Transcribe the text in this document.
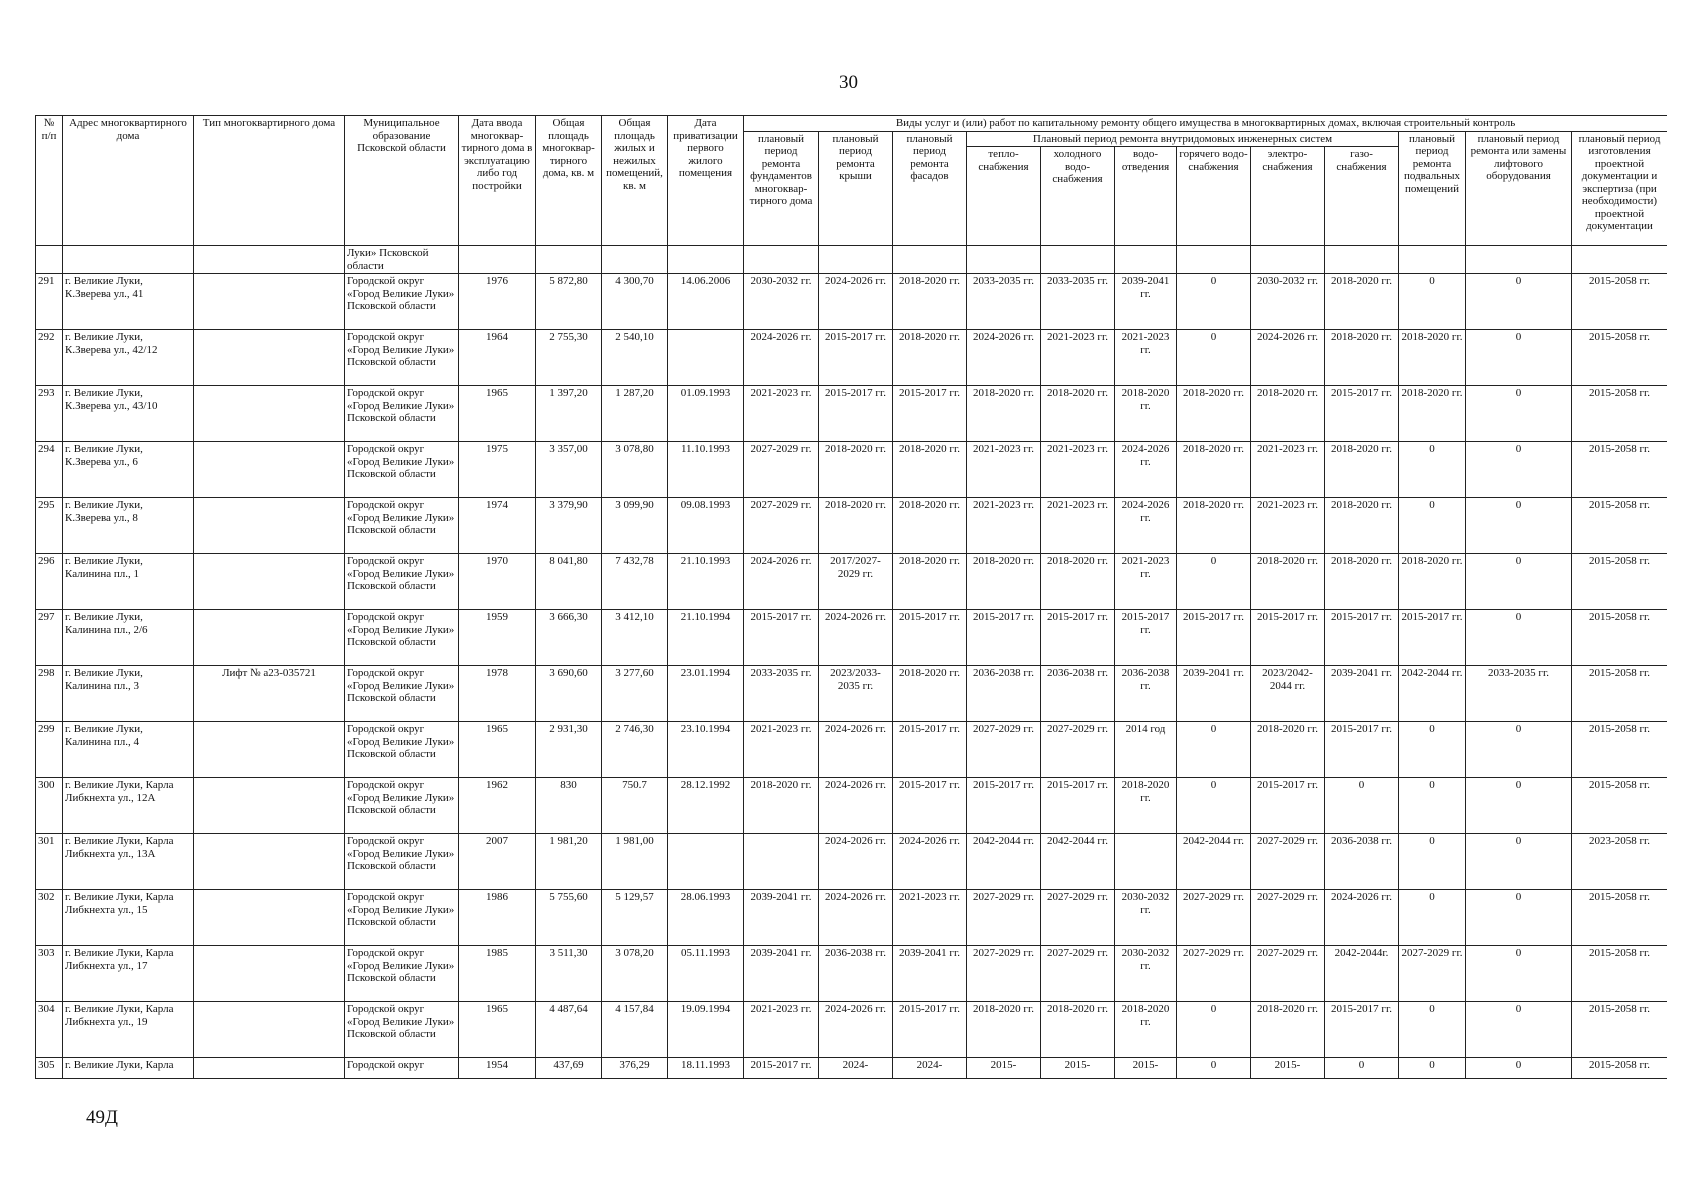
30
№ п/п	Адрес многоквартирного дома	Тип многоквартирного дома	Муниципальное образование Псковской области	Дата ввода многоквар-тирного дома в эксплуатацию либо год постройки	Общая площадь многоквар-тирного дома, кв. м	Общая площадь жилых и нежилых помещений, кв. м	Дата приватизации первого жилого помещения	Виды услуг и (или) работ по капитальному ремонту общего имущества в многоквартирных домах, включая строительный контроль											
								плановый период ремонта фундаментов многоквар-тирного дома	плановый период ремонта крыши	плановый период ремонта фасадов	Плановый период ремонта внутридомовых инженерных систем						плановый период ремонта подвальных помещений	плановый период ремонта или замены лифтового оборудования	плановый период изготовления проектной документации и экспертиза (при необходимости) проектной документации
											тепло-снабжения	холодного водо-снабжения	водо-отведения	горячего водо-снабжения	электро-снабжения	газо-снабжения			
			Луки» Псковской области																
291	г. Великие Луки, К.Зверева ул., 41		Городской округ «Город Великие Луки» Псковской области	1976	5 872,80	4 300,70	14.06.2006	2030-2032 гг.	2024-2026 гг.	2018-2020 гг.	2033-2035 гг.	2033-2035 гг.	2039-2041 гг.	0	2030-2032 гг.	2018-2020 гг.	0	0	2015-2058 гг.
292	г. Великие Луки, К.Зверева ул., 42/12		Городской округ «Город Великие Луки» Псковской области	1964	2 755,30	2 540,10		2024-2026 гг.	2015-2017 гг.	2018-2020 гг.	2024-2026 гг.	2021-2023 гг.	2021-2023 гг.	0	2024-2026 гг.	2018-2020 гг.	2018-2020 гг.	0	2015-2058 гг.
293	г. Великие Луки, К.Зверева ул., 43/10		Городской округ «Город Великие Луки» Псковской области	1965	1 397,20	1 287,20	01.09.1993	2021-2023 гг.	2015-2017 гг.	2015-2017 гг.	2018-2020 гг.	2018-2020 гг.	2018-2020 гг.	2018-2020 гг.	2018-2020 гг.	2015-2017 гг.	2018-2020 гг.	0	2015-2058 гг.
294	г. Великие Луки, К.Зверева ул., 6		Городской округ «Город Великие Луки» Псковской области	1975	3 357,00	3 078,80	11.10.1993	2027-2029 гг.	2018-2020 гг.	2018-2020 гг.	2021-2023 гг.	2021-2023 гг.	2024-2026 гг.	2018-2020 гг.	2021-2023 гг.	2018-2020 гг.	0	0	2015-2058 гг.
295	г. Великие Луки, К.Зверева ул., 8		Городской округ «Город Великие Луки» Псковской области	1974	3 379,90	3 099,90	09.08.1993	2027-2029 гг.	2018-2020 гг.	2018-2020 гг.	2021-2023 гг.	2021-2023 гг.	2024-2026 гг.	2018-2020 гг.	2021-2023 гг.	2018-2020 гг.	0	0	2015-2058 гг.
296	г. Великие Луки, Калинина пл., 1		Городской округ «Город Великие Луки» Псковской области	1970	8 041,80	7 432,78	21.10.1993	2024-2026 гг.	2017/2027-2029 гг.	2018-2020 гг.	2018-2020 гг.	2018-2020 гг.	2021-2023 гг.	0	2018-2020 гг.	2018-2020 гг.	2018-2020 гг.	0	2015-2058 гг.
297	г. Великие Луки, Калинина пл., 2/6		Городской округ «Город Великие Луки» Псковской области	1959	3 666,30	3 412,10	21.10.1994	2015-2017 гг.	2024-2026 гг.	2015-2017 гг.	2015-2017 гг.	2015-2017 гг.	2015-2017 гг.	2015-2017 гг.	2015-2017 гг.	2015-2017 гг.	2015-2017 гг.	0	2015-2058 гг.
298	г. Великие Луки, Калинина пл., 3	Лифт № а23-035721	Городской округ «Город Великие Луки» Псковской области	1978	3 690,60	3 277,60	23.01.1994	2033-2035 гг.	2023/2033-2035 гг.	2018-2020 гг.	2036-2038 гг.	2036-2038 гг.	2036-2038 гг.	2039-2041 гг.	2023/2042-2044 гг.	2039-2041 гг.	2042-2044 гг.	2033-2035 гг.	2015-2058 гг.
299	г. Великие Луки, Калинина пл., 4		Городской округ «Город Великие Луки» Псковской области	1965	2 931,30	2 746,30	23.10.1994	2021-2023 гг.	2024-2026 гг.	2015-2017 гг.	2027-2029 гг.	2027-2029 гг.	2014 год	0	2018-2020 гг.	2015-2017 гг.	0	0	2015-2058 гг.
300	г. Великие Луки, Карла Либкнехта ул., 12А		Городской округ «Город Великие Луки» Псковской области	1962	830	750.7	28.12.1992	2018-2020 гг.	2024-2026 гг.	2015-2017 гг.	2015-2017 гг.	2015-2017 гг.	2018-2020 гг.	0	2015-2017 гг.	0	0	0	2015-2058 гг.
301	г. Великие Луки, Карла Либкнехта ул., 13А		Городской округ «Город Великие Луки» Псковской области	2007	1 981,20	1 981,00			2024-2026 гг.	2024-2026 гг.	2042-2044 гг.	2042-2044 гг.		2042-2044 гг.	2027-2029 гг.	2036-2038 гг.	0	0	2023-2058 гг.
302	г. Великие Луки, Карла Либкнехта ул., 15		Городской округ «Город Великие Луки» Псковской области	1986	5 755,60	5 129,57	28.06.1993	2039-2041 гг.	2024-2026 гг.	2021-2023 гг.	2027-2029 гг.	2027-2029 гг.	2030-2032 гг.	2027-2029 гг.	2027-2029 гг.	2024-2026 гг.	0	0	2015-2058 гг.
303	г. Великие Луки, Карла Либкнехта ул., 17		Городской округ «Город Великие Луки» Псковской области	1985	3 511,30	3 078,20	05.11.1993	2039-2041 гг.	2036-2038 гг.	2039-2041 гг.	2027-2029 гг.	2027-2029 гг.	2030-2032 гг.	2027-2029 гг.	2027-2029 гг.	2042-2044г.	2027-2029 гг.	0	2015-2058 гг.
304	г. Великие Луки, Карла Либкнехта ул., 19		Городской округ «Город Великие Луки» Псковской области	1965	4 487,64	4 157,84	19.09.1994	2021-2023 гг.	2024-2026 гг.	2015-2017 гг.	2018-2020 гг.	2018-2020 гг.	2018-2020 гг.	0	2018-2020 гг.	2015-2017 гг.	0	0	2015-2058 гг.
305	г. Великие Луки, Карла		Городской округ	1954	437,69	376,29	18.11.1993	2015-2017 гг.	2024-	2024-	2015-	2015-	2015-	0	2015-	0	0	0	2015-2058 гг.
49Д
